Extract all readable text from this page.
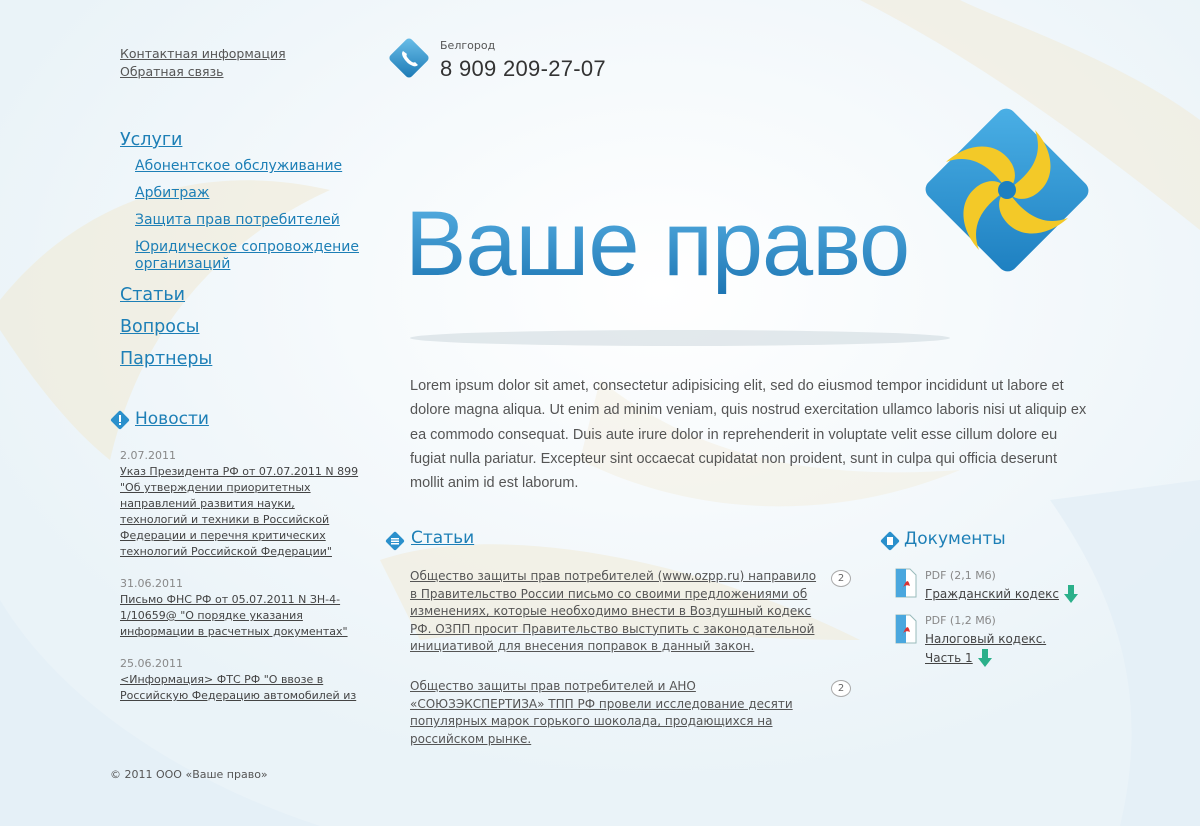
Контактная информация
Обратная связь
Белгород
8 909 209-27-07
Ваше право
Услуги
Абонентское обслуживание
Арбитраж
Защита прав потребителей
Юридическое сопровождение организаций
Статьи
Вопросы
Партнеры
Новости
2.07.2011
Указ Президента РФ от 07.07.2011 N 899 "Об утверждении приоритетных направлений развития науки, технологий и техники в Российской Федерации и перечня критических технологий Российской Федерации"
31.06.2011
Письмо ФНС РФ от 05.07.2011 N ЗН-4-1/10659@ "О порядке указания информации в расчетных документах"
25.06.2011
<Информация> ФТС РФ "О ввозе в Российскую Федерацию автомобилей из
Lorem ipsum dolor sit amet, consectetur adipisicing elit, sed do eiusmod tempor incididunt ut labore et dolore magna aliqua. Ut enim ad minim veniam, quis nostrud exercitation ullamco laboris nisi ut aliquip ex ea commodo consequat. Duis aute irure dolor in reprehenderit in voluptate velit esse cillum dolore eu fugiat nulla pariatur. Excepteur sint occaecat cupidatat non proident, sunt in culpa qui officia deserunt mollit anim id est laborum.
Статьи
Общество защиты прав потребителей (www.ozpp.ru) направило в Правительство России письмо со своими предложениями об изменениях, которые необходимо внести в Воздушный кодекс РФ. ОЗПП просит Правительство выступить с законодательной инициативой для внесения поправок в данный закон.
2
Общество защиты прав потребителей и АНО «СОЮЗЭКСПЕРТИЗА» ТПП РФ провели исследование десяти популярных марок горького шоколада, продающихся на российском рынке.
2
Документы
PDF (2,1 Мб)
Гражданский кодекс
PDF (1,2 Мб)
Налоговый кодекс. Часть 1
© 2011 ООО «Ваше право»
